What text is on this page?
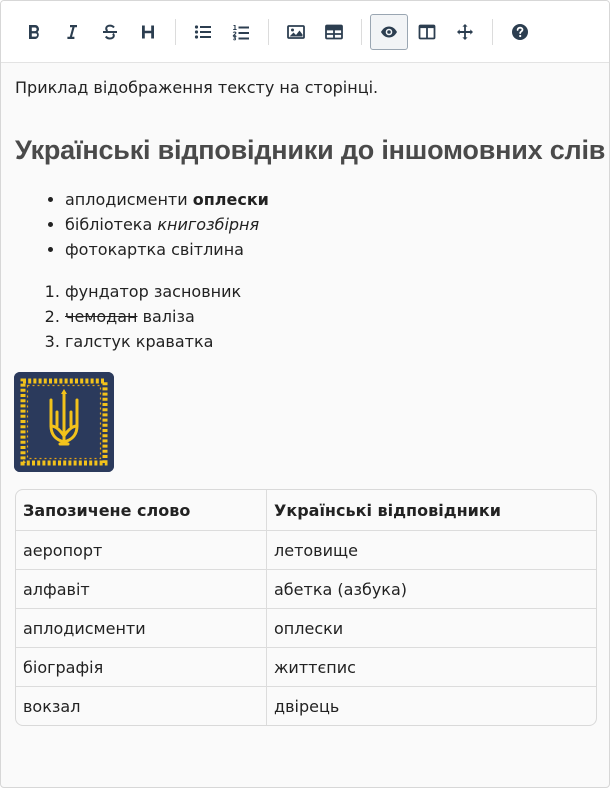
Приклад відображення тексту на сторінці.

Українські відповідники до іншомовних слів
• аплодисменти оплески
• бібліотека книгозбірня
• фотокартка світлина
1. фундатор засновник
2. чемодан валіза
3. галстук краватка
Запозичене слово	Українські відповідники
аеропорт	летовище
алфавіт	абетка (азбука)
аплодисменти	оплески
біографія	життєпис
вокзал	двірець
